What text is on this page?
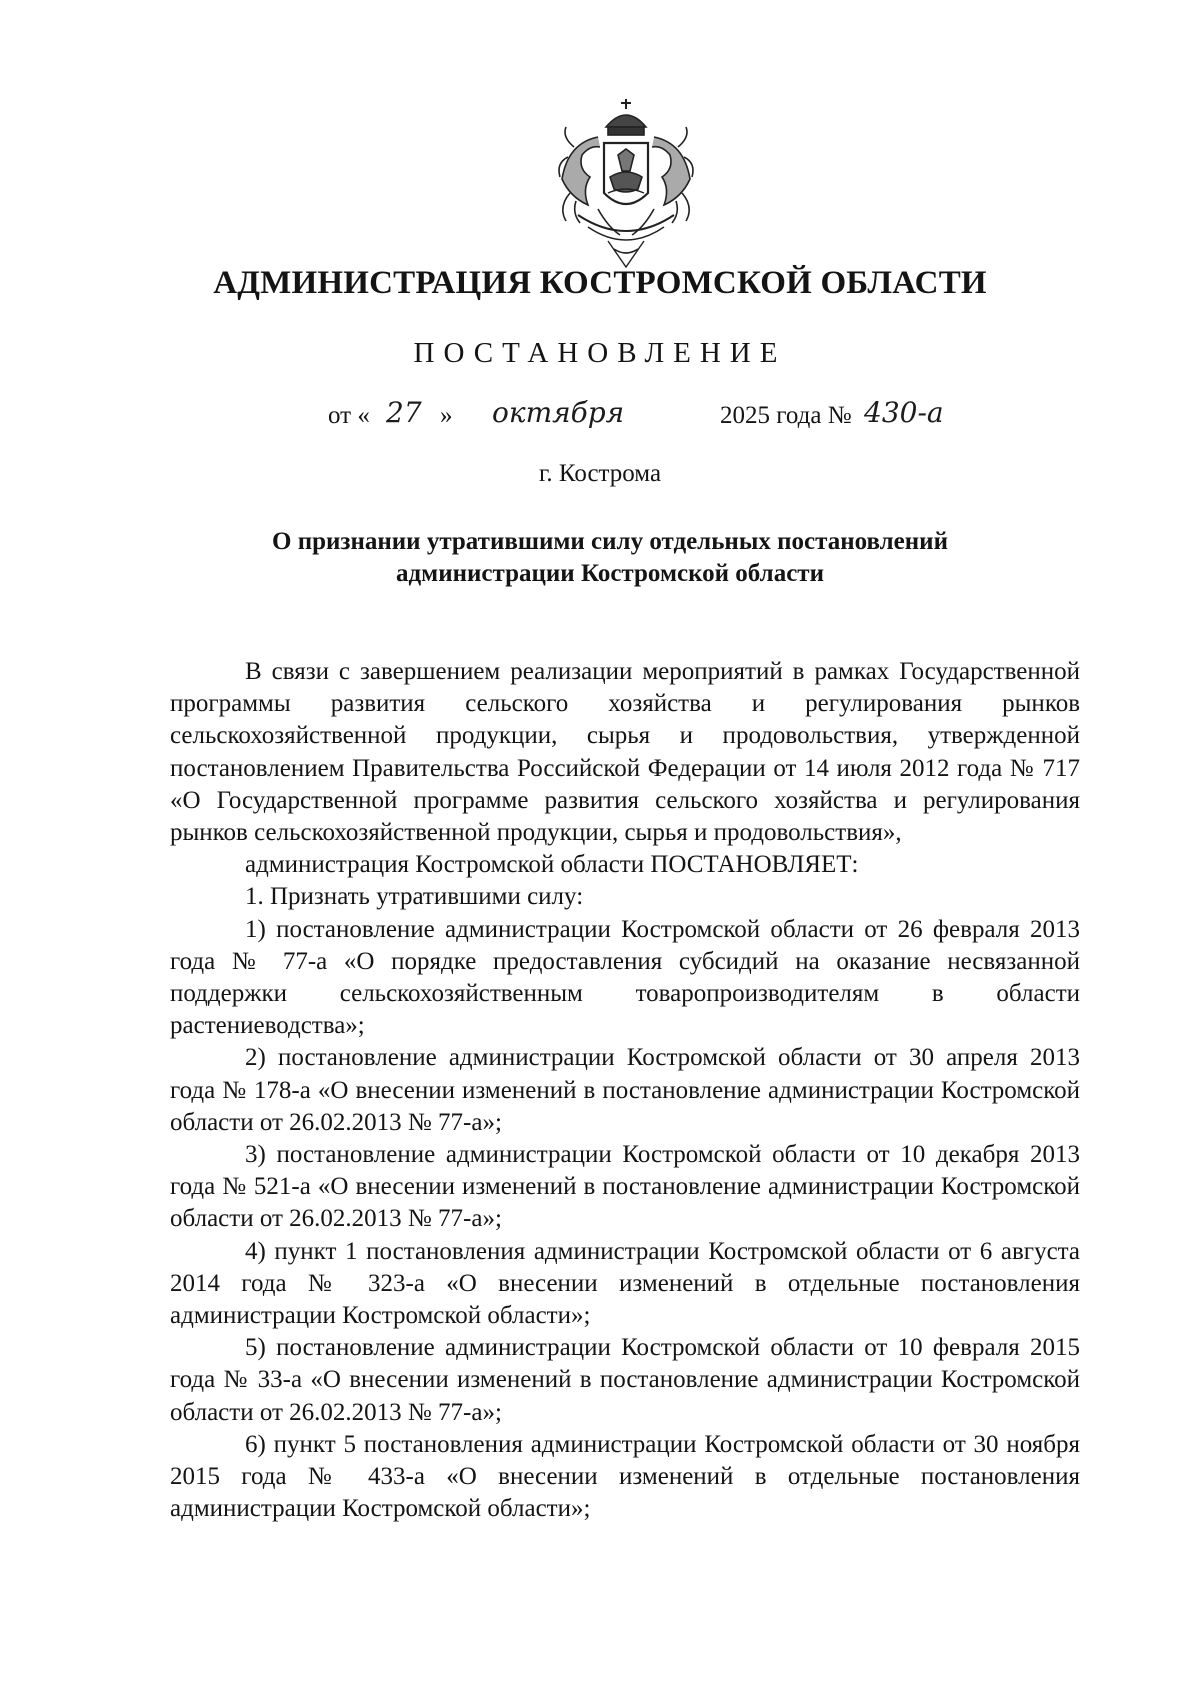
АДМИНИСТРАЦИЯ КОСТРОМСКОЙ ОБЛАСТИ
ПОСТАНОВЛЕНИЕ
от « 27 » октября	2025 года № 430-а
г. Кострома
О признании утратившими силу отдельных постановлений
администрации Костромской области

В связи с завершением реализации мероприятий в рамках Государственной программы развития сельского хозяйства и регулирования рынков сельскохозяйственной продукции, сырья и продовольствия, утвержденной постановлением Правительства Российской Федерации от 14 июля 2012 года № 717 «О Государственной программе развития сельского хозяйства и регулирования рынков сельскохозяйственной продукции, сырья и продовольствия»,

администрация Костромской области ПОСТАНОВЛЯЕТ:

1. Признать утратившими силу:

1) постановление администрации Костромской области от 26 февраля 2013 года № 77-а «О порядке предоставления субсидий на оказание несвязанной поддержки сельскохозяйственным товаропроизводителям в области растениеводства»;

2) постановление администрации Костромской области от 30 апреля 2013 года № 178-а «О внесении изменений в постановление администрации Костромской области от 26.02.2013 № 77-а»;

3) постановление администрации Костромской области от 10 декабря 2013 года № 521-а «О внесении изменений в постановление администрации Костромской области от 26.02.2013 № 77-а»;

4) пункт 1 постановления администрации Костромской области от 6 августа 2014 года № 323-а «О внесении изменений в отдельные постановления администрации Костромской области»;

5) постановление администрации Костромской области от 10 февраля 2015 года № 33-а «О внесении изменений в постановление администрации Костромской области от 26.02.2013 № 77-а»;

6) пункт 5 постановления администрации Костромской области от 30 ноября 2015 года № 433-а «О внесении изменений в отдельные постановления администрации Костромской области»;
